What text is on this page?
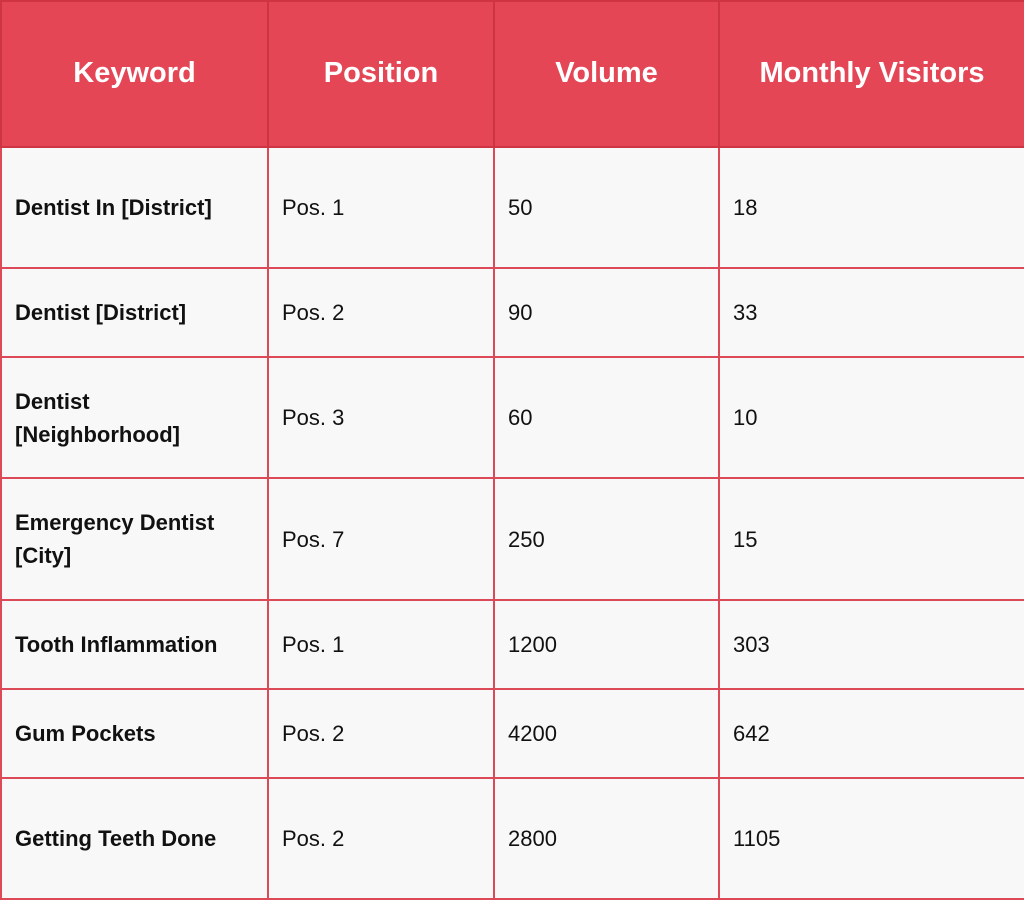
Keyword	Position	Volume	Monthly Visitors
Dentist In [District]	Pos. 1	50	18
Dentist [District]	Pos. 2	90	33
Dentist [Neighborhood]	Pos. 3	60	10
Emergency Dentist [City]	Pos. 7	250	15
Tooth Inflammation	Pos. 1	1200	303
Gum Pockets	Pos. 2	4200	642
Getting Teeth Done	Pos. 2	2800	1105
